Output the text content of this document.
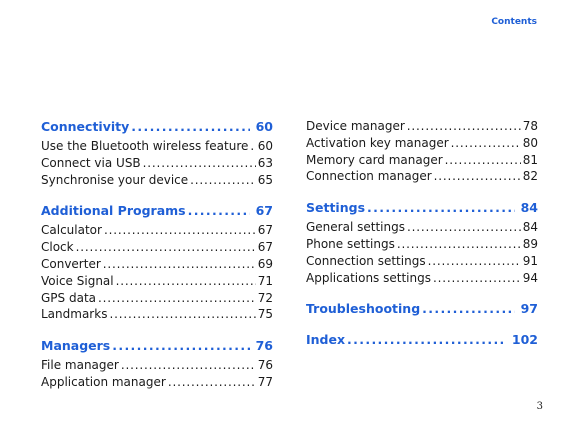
Contents
Connectivity . . .	60
Use the Bluetooth wireless feature . . . 60
Connect via USB . . .	63
Synchronise your device . . .	65
Additional Programs . . .	67
Calculator . . .	67
Clock . . .	67
Converter . . .	69
Voice Signal . . .	71
GPS data . . .	72
Landmarks . . .	75
Managers . . .	76
File manager . . .	76
Application manager . . .	77
Device manager . . .	78
Activation key manager . . .	80
Memory card manager . . .	81
Connection manager . . .	82
Settings . . .	84
General settings . . .	84
Phone settings . . .	89
Connection settings . . .	91
Applications settings . . .	94
Troubleshooting . . .	97
Index . . .	102
3
